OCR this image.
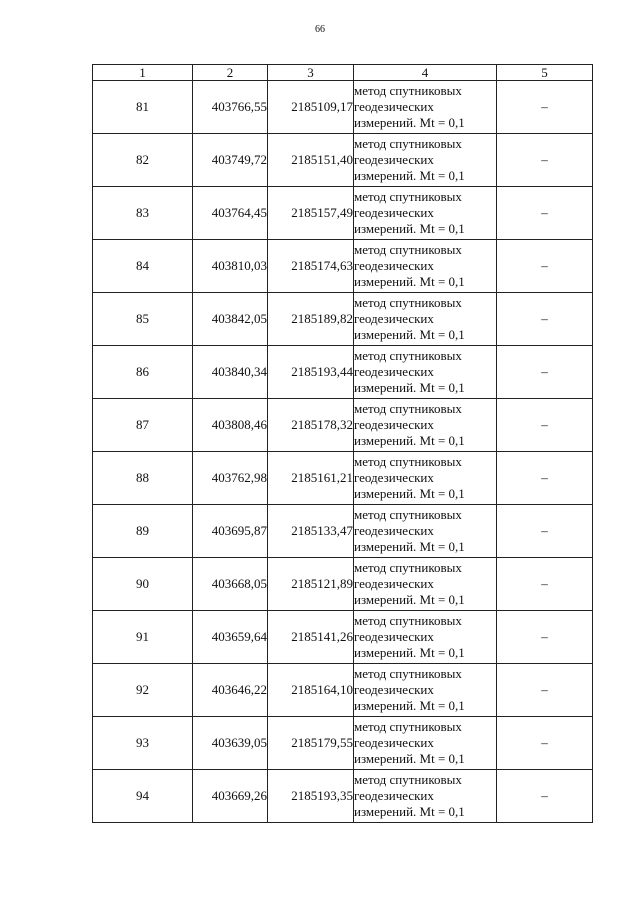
66
1	2	3	4	5
81	403766,55	2185109,17	метод спутниковых
геодезических
измерений. Mt = 0,1	–
82	403749,72	2185151,40	метод спутниковых
геодезических
измерений. Mt = 0,1	–
83	403764,45	2185157,49	метод спутниковых
геодезических
измерений. Mt = 0,1	–
84	403810,03	2185174,63	метод спутниковых
геодезических
измерений. Mt = 0,1	–
85	403842,05	2185189,82	метод спутниковых
геодезических
измерений. Mt = 0,1	–
86	403840,34	2185193,44	метод спутниковых
геодезических
измерений. Mt = 0,1	–
87	403808,46	2185178,32	метод спутниковых
геодезических
измерений. Mt = 0,1	–
88	403762,98	2185161,21	метод спутниковых
геодезических
измерений. Mt = 0,1	–
89	403695,87	2185133,47	метод спутниковых
геодезических
измерений. Mt = 0,1	–
90	403668,05	2185121,89	метод спутниковых
геодезических
измерений. Mt = 0,1	–
91	403659,64	2185141,26	метод спутниковых
геодезических
измерений. Mt = 0,1	–
92	403646,22	2185164,10	метод спутниковых
геодезических
измерений. Mt = 0,1	–
93	403639,05	2185179,55	метод спутниковых
геодезических
измерений. Mt = 0,1	–
94	403669,26	2185193,35	метод спутниковых
геодезических
измерений. Mt = 0,1	–
